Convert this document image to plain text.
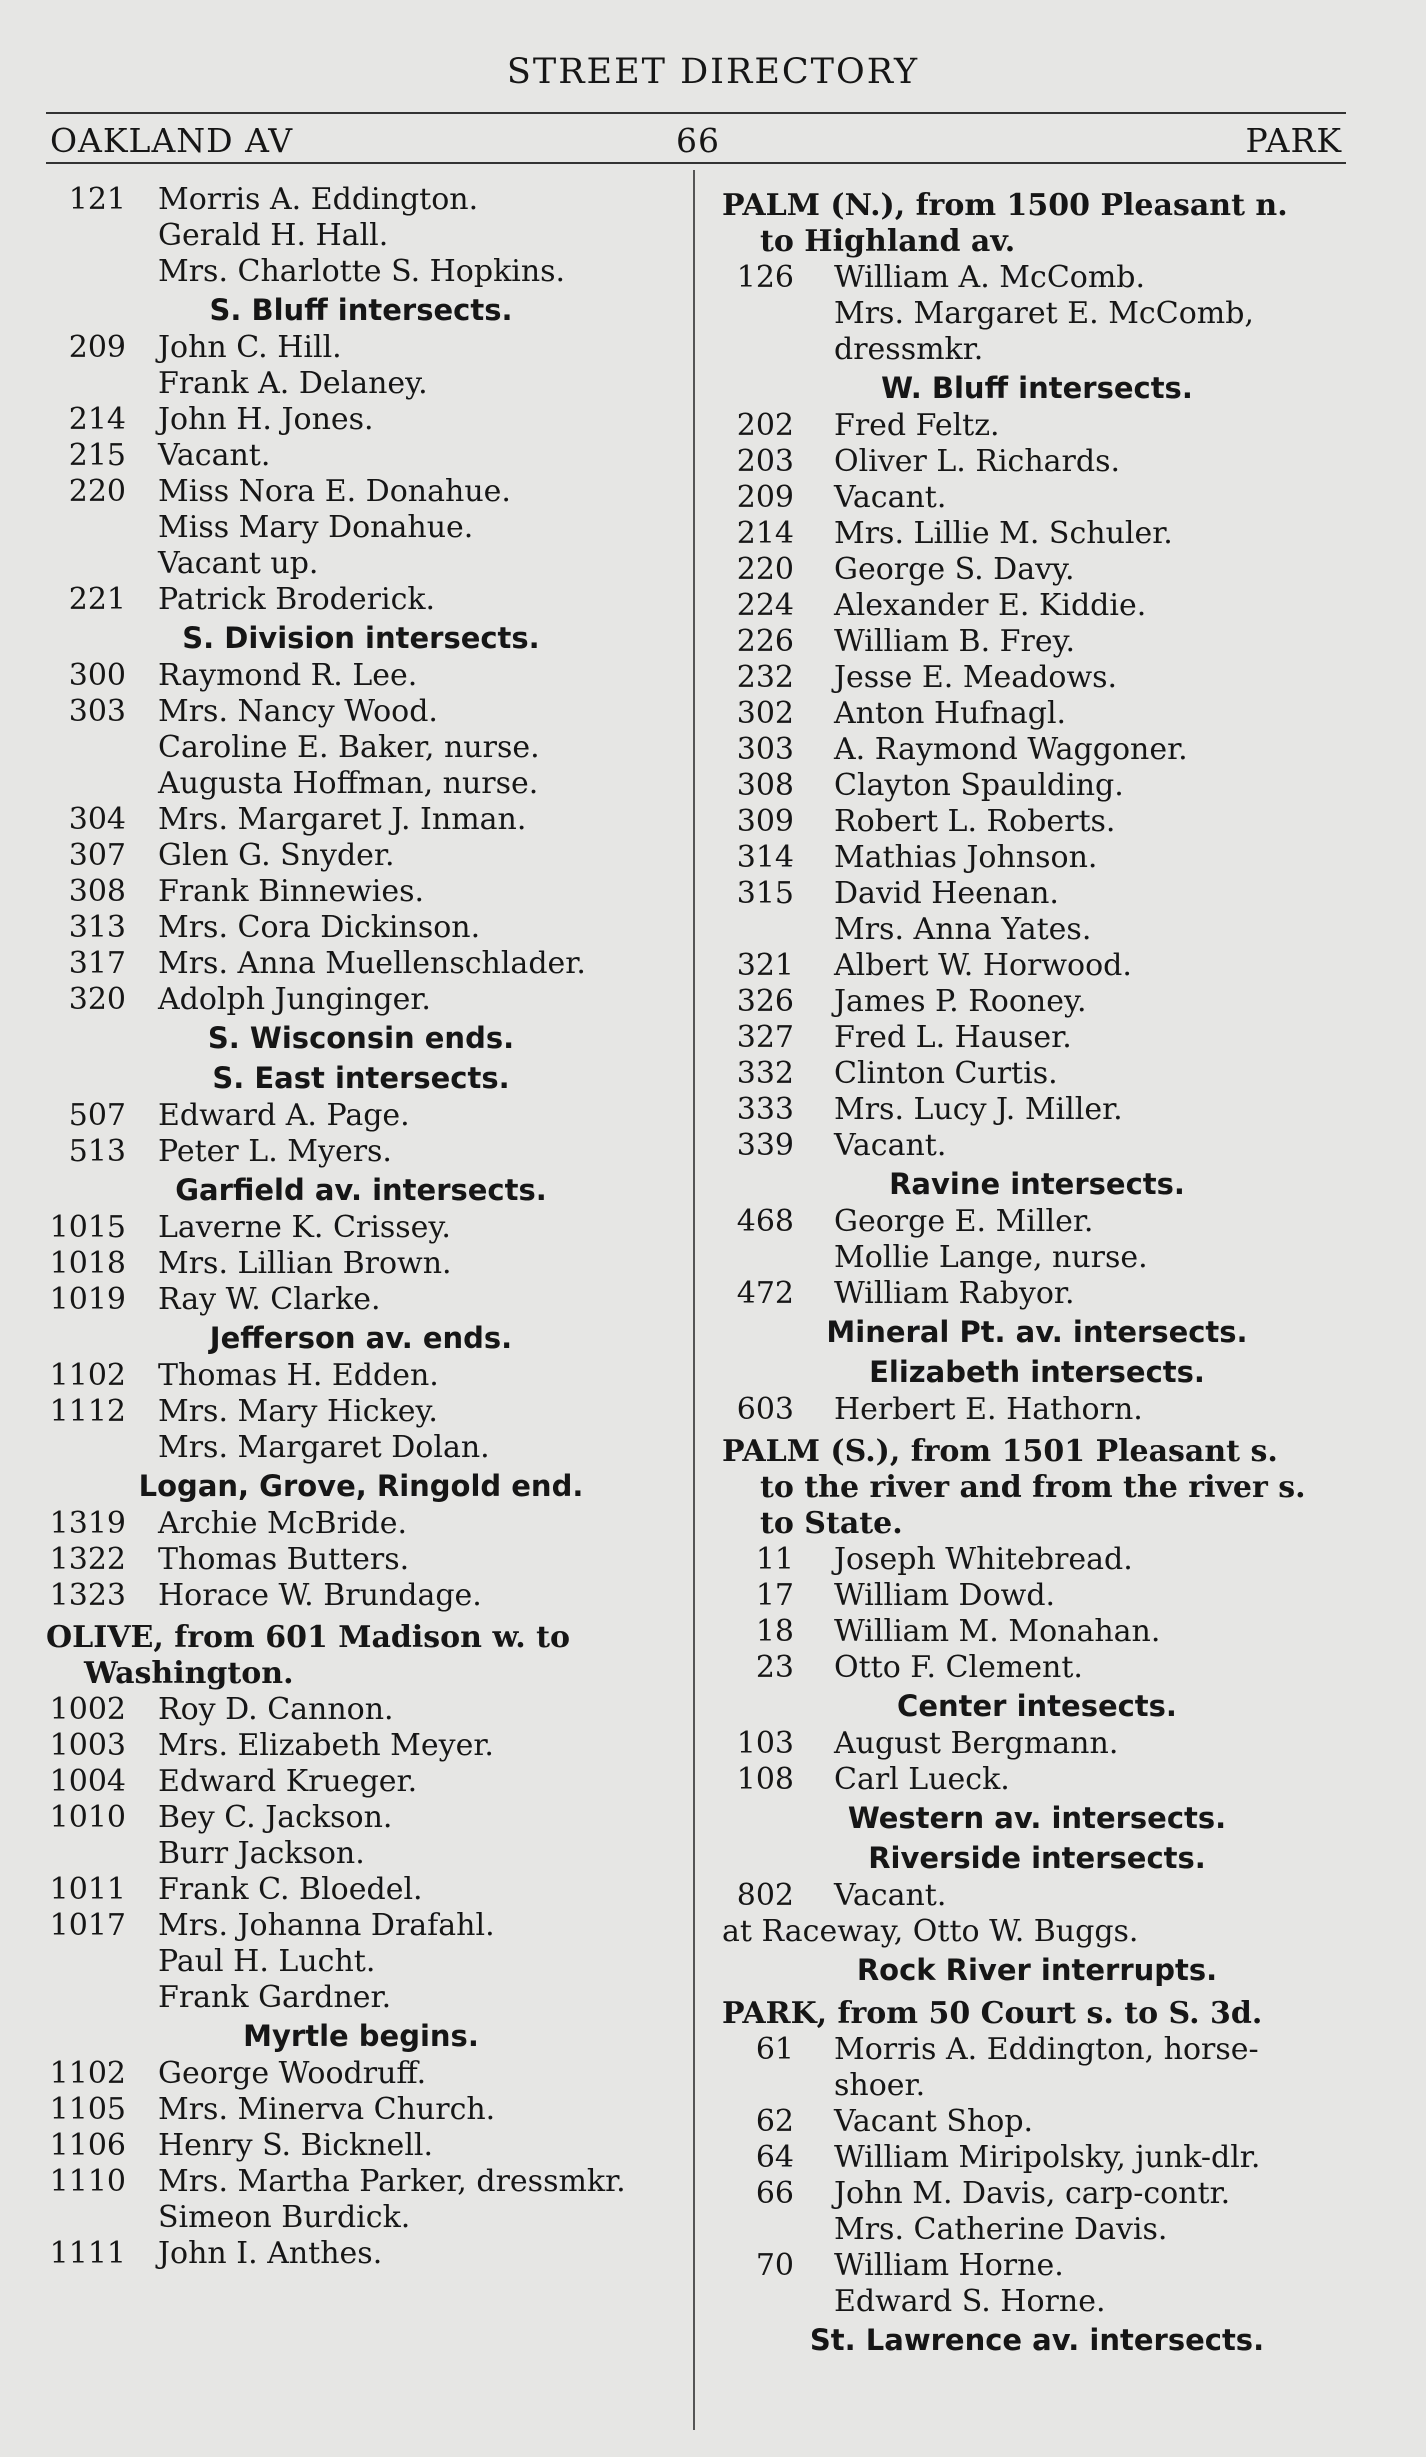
STREET DIRECTORY
OAKLAND AV	66	PARK
121 Morris A. Eddington.
Gerald H. Hall.
Mrs. Charlotte S. Hopkins.
S. Bluff intersects.
209 John C. Hill.
Frank A. Delaney.
214 John H. Jones.
215 Vacant.
220 Miss Nora E. Donahue.
Miss Mary Donahue.
Vacant up.
221 Patrick Broderick.
S. Division intersects.
300 Raymond R. Lee.
303 Mrs. Nancy Wood.
Caroline E. Baker, nurse.
Augusta Hoffman, nurse.
304 Mrs. Margaret J. Inman.
307 Glen G. Snyder.
308 Frank Binnewies.
313 Mrs. Cora Dickinson.
317 Mrs. Anna Muellenschlader.
320 Adolph Junginger.
S. Wisconsin ends.
S. East intersects.
507 Edward A. Page.
513 Peter L. Myers.
Garfield av. intersects.
1015 Laverne K. Crissey.
1018 Mrs. Lillian Brown.
1019 Ray W. Clarke.
Jefferson av. ends.
1102 Thomas H. Edden.
1112 Mrs. Mary Hickey.
Mrs. Margaret Dolan.
Logan, Grove, Ringold end.
1319 Archie McBride.
1322 Thomas Butters.
1323 Horace W. Brundage.
OLIVE, from 601 Madison w. to
Washington.
1002 Roy D. Cannon.
1003 Mrs. Elizabeth Meyer.
1004 Edward Krueger.
1010 Bey C. Jackson.
Burr Jackson.
1011 Frank C. Bloedel.
1017 Mrs. Johanna Drafahl.
Paul H. Lucht.
Frank Gardner.
Myrtle begins.
1102 George Woodruff.
1105 Mrs. Minerva Church.
1106 Henry S. Bicknell.
1110 Mrs. Martha Parker, dressmkr.
Simeon Burdick.
1111 John I. Anthes.
PALM (N.), from 1500 Pleasant n.
to Highland av.
126 William A. McComb.
Mrs. Margaret E. McComb,
dressmkr.
W. Bluff intersects.
202 Fred Feltz.
203 Oliver L. Richards.
209 Vacant.
214 Mrs. Lillie M. Schuler.
220 George S. Davy.
224 Alexander E. Kiddie.
226 William B. Frey.
232 Jesse E. Meadows.
302 Anton Hufnagl.
303 A. Raymond Waggoner.
308 Clayton Spaulding.
309 Robert L. Roberts.
314 Mathias Johnson.
315 David Heenan.
Mrs. Anna Yates.
321 Albert W. Horwood.
326 James P. Rooney.
327 Fred L. Hauser.
332 Clinton Curtis.
333 Mrs. Lucy J. Miller.
339 Vacant.
Ravine intersects.
468 George E. Miller.
Mollie Lange, nurse.
472 William Rabyor.
Mineral Pt. av. intersects.
Elizabeth intersects.
603 Herbert E. Hathorn.
PALM (S.), from 1501 Pleasant s.
to the river and from the river s.
to State.
11 Joseph Whitebread.
17 William Dowd.
18 William M. Monahan.
23 Otto F. Clement.
Center intesects.
103 August Bergmann.
108 Carl Lueck.
Western av. intersects.
Riverside intersects.
802 Vacant.
at Raceway, Otto W. Buggs.
Rock River interrupts.
PARK, from 50 Court s. to S. 3d.
61 Morris A. Eddington, horse-
shoer.
62 Vacant Shop.
64 William Miripolsky, junk-dlr.
66 John M. Davis, carp-contr.
Mrs. Catherine Davis.
70 William Horne.
Edward S. Horne.
St. Lawrence av. intersects.
